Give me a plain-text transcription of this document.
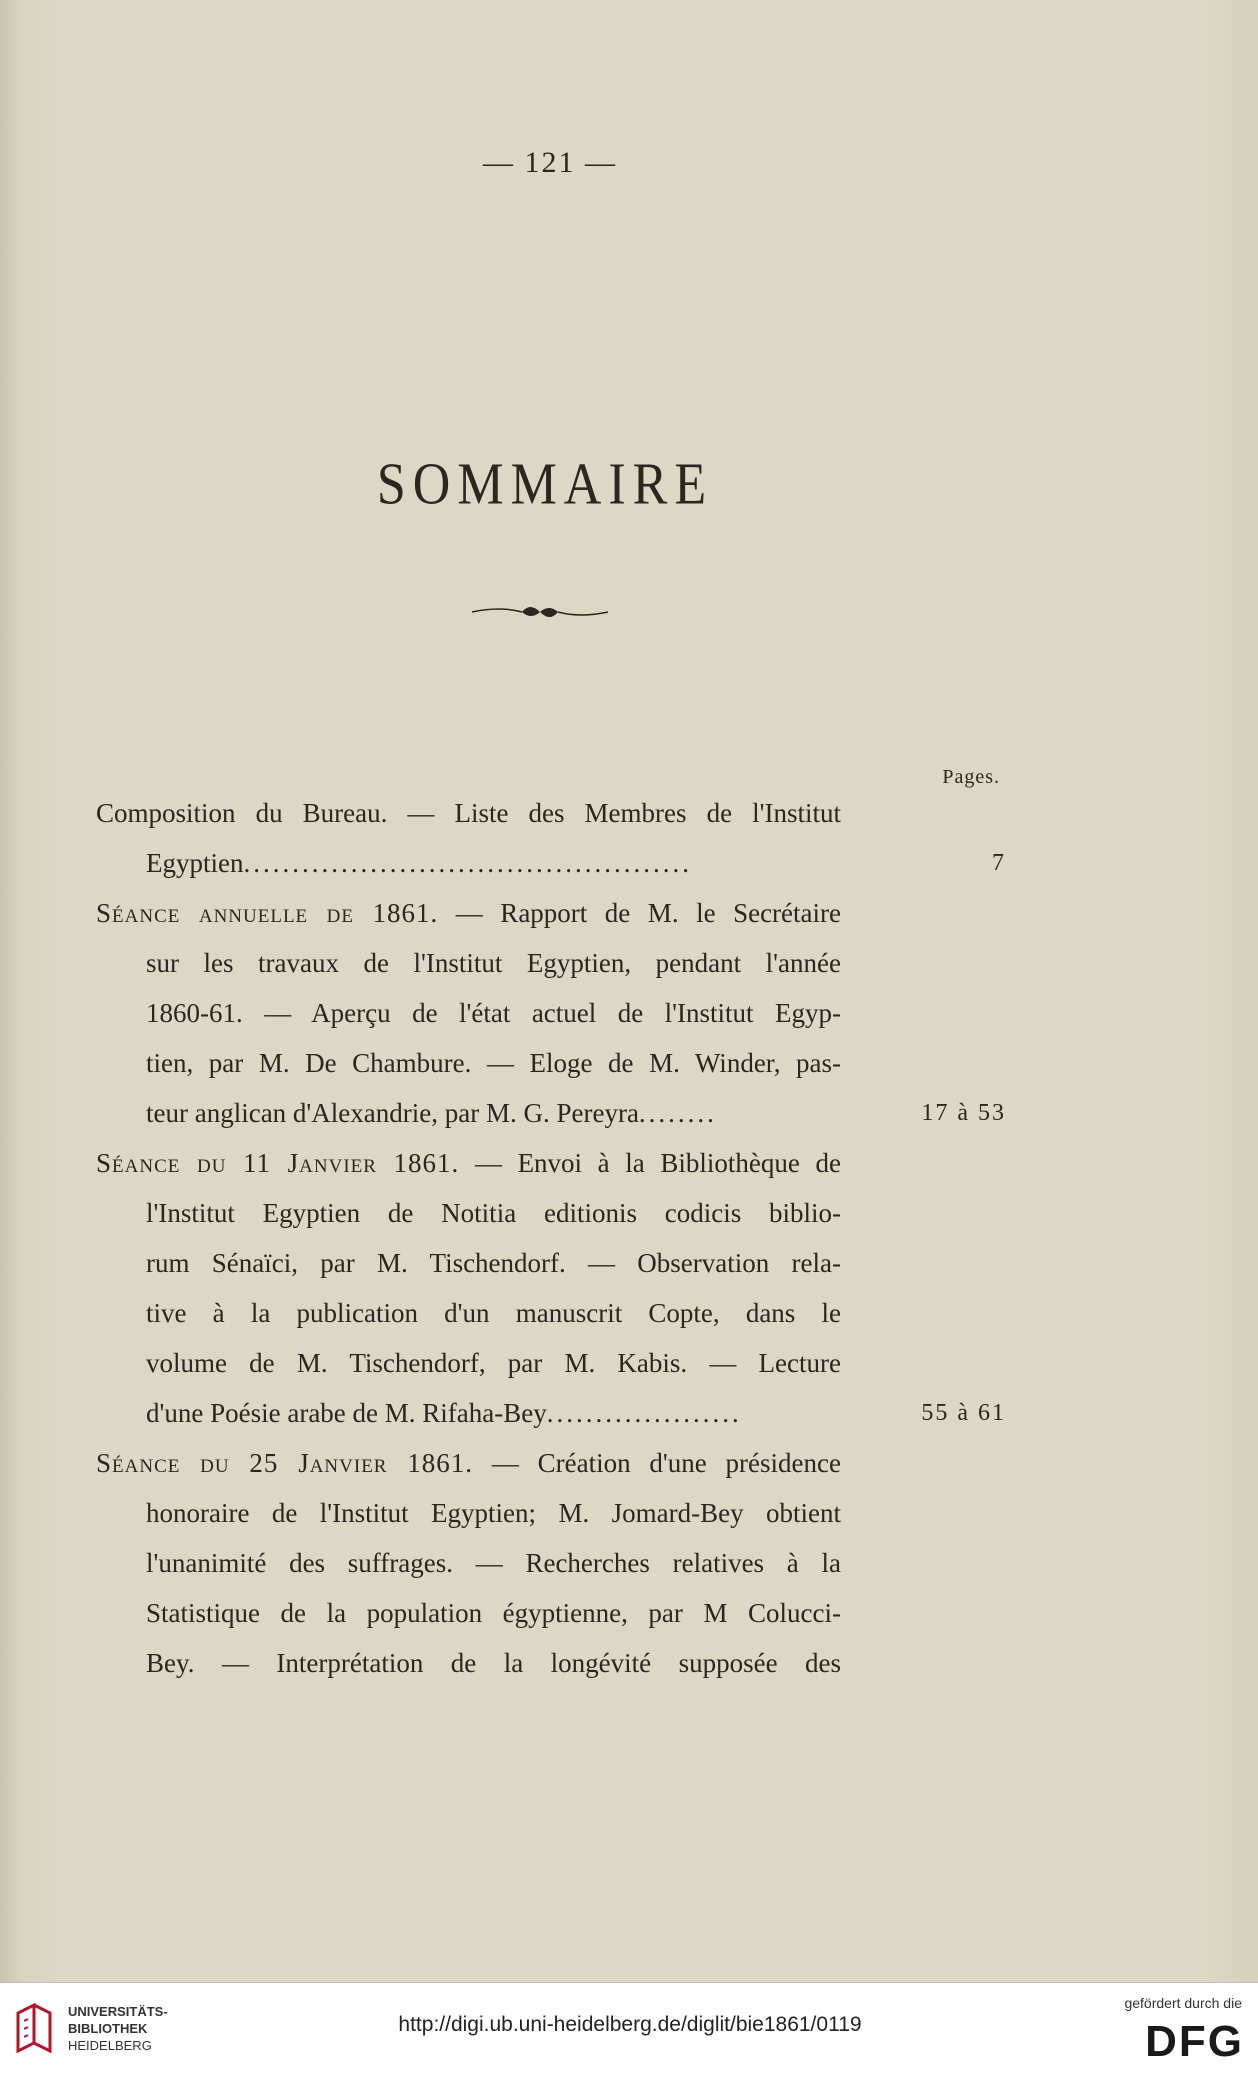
— 121 —
SOMMAIRE
Pages.
Composition du Bureau. — Liste des Membres de l'Institut
Egyptien..............................................	7
Séance annuelle de 1861. — Rapport de M. le Secrétaire
sur les travaux de l'Institut Egyptien, pendant l'année
1860-61. — Aperçu de l'état actuel de l'Institut Egyp-
tien, par M. De Chambure. — Eloge de M. Winder, pas-
teur anglican d'Alexandrie, par M. G. Pereyra........	17 à 53
Séance du 11 Janvier 1861. — Envoi à la Bibliothèque de
l'Institut Egyptien de Notitia editionis codicis biblio-
rum Sénaïci, par M. Tischendorf. — Observation rela-
tive à la publication d'un manuscrit Copte, dans le
volume de M. Tischendorf, par M. Kabis. — Lecture
d'une Poésie arabe de M. Rifaha-Bey....................	55 à 61
Séance du 25 Janvier 1861. — Création d'une présidence
honoraire de l'Institut Egyptien; M. Jomard-Bey obtient
l'unanimité des suffrages. — Recherches relatives à la
Statistique de la population égyptienne, par M Colucci-
Bey. — Interprétation de la longévité supposée des
UNIVERSITÄTS-
BIBLIOTHEK
HEIDELBERG
http://digi.ub.uni-heidelberg.de/diglit/bie1861/0119
gefördert durch die
DFG
